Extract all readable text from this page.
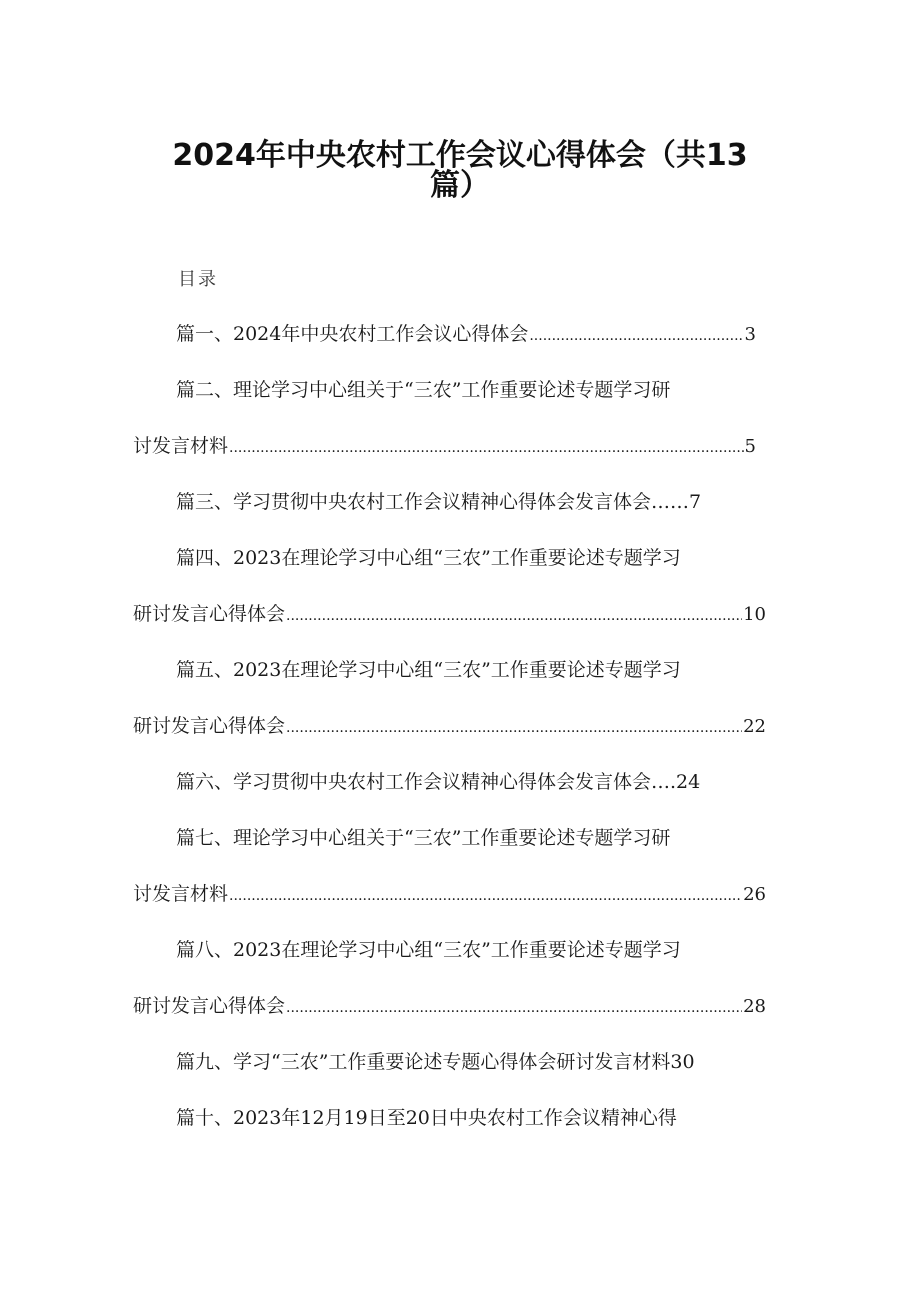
2024年中央农村工作会议心得体会（共13
篇）
目录
篇一、2024年中央农村工作会议心得体会 .....	3
篇二、理论学习中心组关于“三农”工作重要论述专题学习研
讨发言材料 .....	5
篇三、学习贯彻中央农村工作会议精神心得体会发言体会……7
篇四、2023在理论学习中心组“三农”工作重要论述专题学习
研讨发言心得体会 .....	10
篇五、2023在理论学习中心组“三农”工作重要论述专题学习
研讨发言心得体会 .....	22
篇六、学习贯彻中央农村工作会议精神心得体会发言体会….24
篇七、理论学习中心组关于“三农”工作重要论述专题学习研
讨发言材料 .....	26
篇八、2023在理论学习中心组“三农”工作重要论述专题学习
研讨发言心得体会 .....	28
篇九、学习“三农”工作重要论述专题心得体会研讨发言材料30
篇十、2023年12月19日至20日中央农村工作会议精神心得
